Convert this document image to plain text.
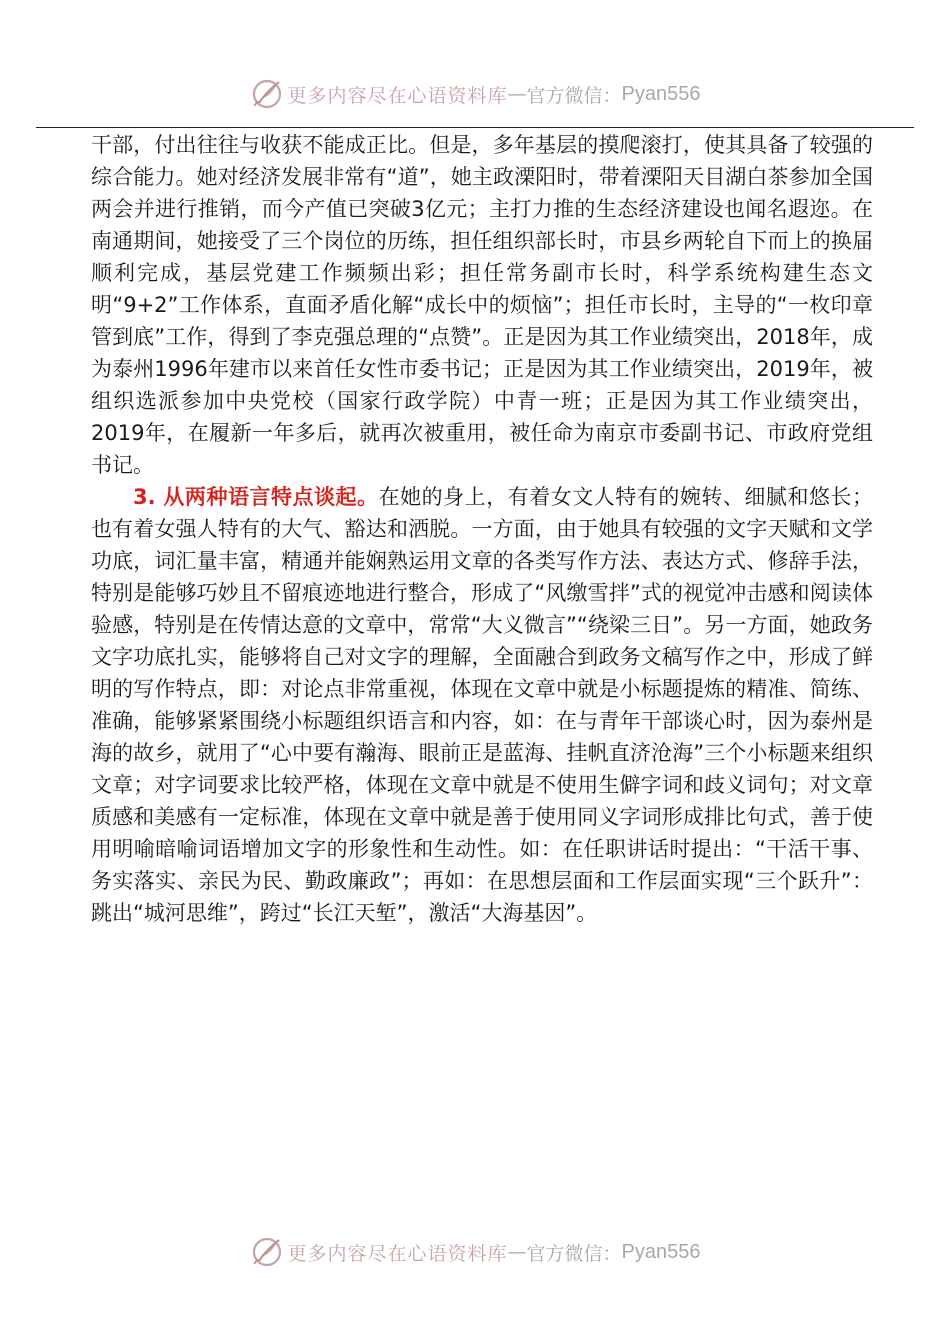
更多内容尽在心语资料库 — 官方微信： Pyan556

干部，付出往往与收获不能成正比。但是，多年基层的摸爬滚打，使其具备了较强的综合能力。她对经济发展非常有“道”，她主政溧阳时，带着溧阳天目湖白茶参加全国两会并进行推销，而今产值已突破3亿元；主打力推的生态经济建设也闻名遐迩。在南通期间，她接受了三个岗位的历练，担任组织部长时，市县乡两轮自下而上的换届顺利完成，基层党建工作频频出彩；担任常务副市长时，科学系统构建生态文明“9+2”工作体系，直面矛盾化解“成长中的烦恼”；担任市长时，主导的“一枚印章管到底”工作，得到了李克强总理的“点赞”。正是因为其工作业绩突出，2018年，成为泰州1996年建市以来首任女性市委书记；正是因为其工作业绩突出，2019年，被组织选派参加中央党校（国家行政学院）中青一班；正是因为其工作业绩突出，2019年，在履新一年多后，就再次被重用，被任命为南京市委副书记、市政府党组书记。

3. 从两种语言特点谈起。在她的身上，有着女文人特有的婉转、细腻和悠长；也有着女强人特有的大气、豁达和洒脱。一方面，由于她具有较强的文字天赋和文学功底，词汇量丰富，精通并能娴熟运用文章的各类写作方法、表达方式、修辞手法，特别是能够巧妙且不留痕迹地进行整合，形成了“风缴雪拌”式的视觉冲击感和阅读体验感，特别是在传情达意的文章中，常常“大义微言”“绕梁三日”。另一方面，她政务文字功底扎实，能够将自己对文字的理解，全面融合到政务文稿写作之中，形成了鲜明的写作特点，即：对论点非常重视，体现在文章中就是小标题提炼的精准、简练、准确，能够紧紧围绕小标题组织语言和内容，如：在与青年干部谈心时，因为泰州是海的故乡，就用了“心中要有瀚海、眼前正是蓝海、挂帆直济沧海”三个小标题来组织文章；对字词要求比较严格，体现在文章中就是不使用生僻字词和歧义词句；对文章质感和美感有一定标准，体现在文章中就是善于使用同义字词形成排比句式，善于使用明喻暗喻词语增加文字的形象性和生动性。如：在任职讲话时提出：“干活干事、务实落实、亲民为民、勤政廉政”；再如：在思想层面和工作层面实现“三个跃升”：跳出“城河思维”，跨过“长江天堑”，激活“大海基因”。

更多内容尽在心语资料库 — 官方微信： Pyan556
